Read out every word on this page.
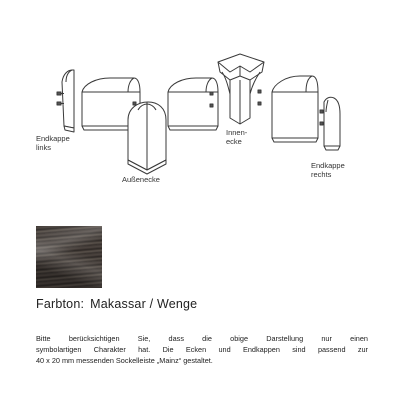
Endkappe
links
Außenecke
Innen-
ecke
Endkappe
rechts
Farbton: Makassar / Wenge
Bitte berücksichtigen Sie, dass die obige Darstellung nur einen
symbolartigen Charakter hat. Die Ecken und Endkappen sind passend zur
40 x 20 mm messenden Sockelleiste „Mainz“ gestaltet.
